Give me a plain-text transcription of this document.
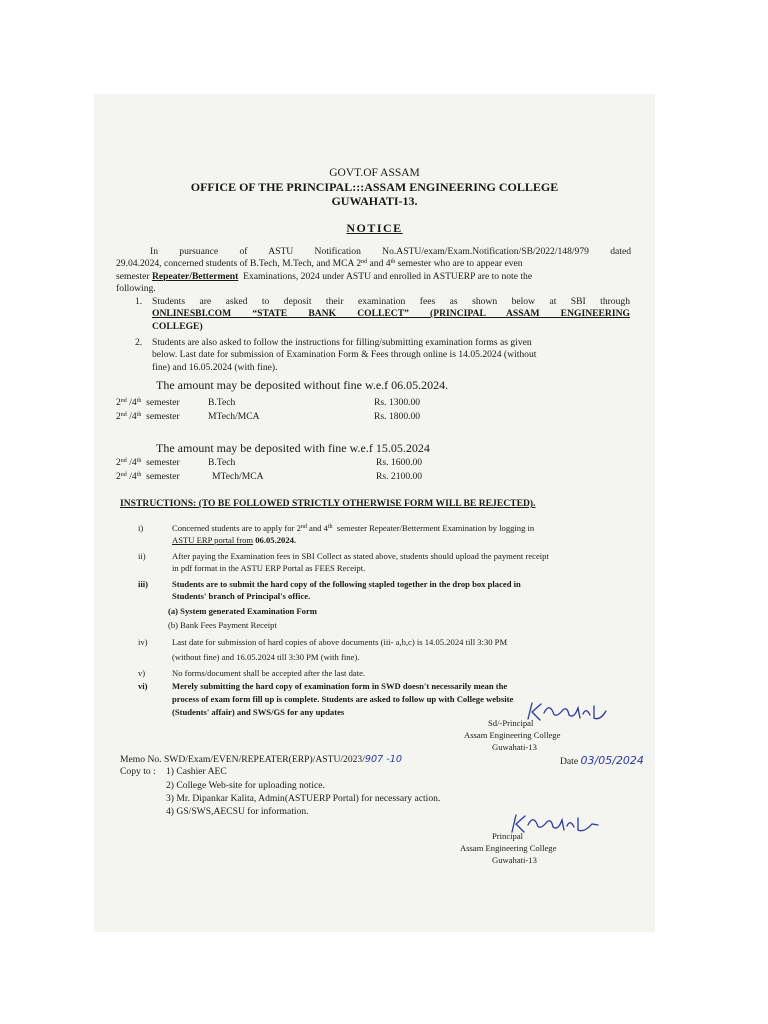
GOVT.OF ASSAM
OFFICE OF THE PRINCIPAL:::ASSAM ENGINEERING COLLEGE
GUWAHATI-13.
NOTICE
In pursuance of ASTU Notification No.ASTU/exam/Exam.Notification/SB/2022/148/979 dated
29.04.2024, concerned students of B.Tech, M.Tech, and MCA 2nd and 4th semester who are to appear even
semester Repeater/Betterment Examinations, 2024 under ASTU and enrolled in ASTUERP are to note the
following.
1. Students are asked to deposit their examination fees as shown below at SBI through
ONLINESBI.COM “STATE BANK COLLECT” (PRINCIPAL ASSAM ENGINEERING
COLLEGE)
2. Students are also asked to follow the instructions for filling/submitting examination forms as given
below. Last date for submission of Examination Form & Fees through online is 14.05.2024 (without
fine) and 16.05.2024 (with fine).
The amount may be deposited without fine w.e.f 06.05.2024.
2nd /4th semester	B.Tech	Rs. 1300.00
2nd /4th semester	MTech/MCA	Rs. 1800.00
The amount may be deposited with fine w.e.f 15.05.2024
2nd /4th semester	B.Tech	Rs. 1600.00
2nd /4th semester	MTech/MCA	Rs. 2100.00
INSTRUCTIONS: (TO BE FOLLOWED STRICTLY OTHERWISE FORM WILL BE REJECTED).
i)	Concerned students are to apply for 2nd and 4th  semester Repeater/Betterment Examination by logging in
ASTU ERP portal from 06.05.2024.
ii)	After paying the Examination fees in SBI Collect as stated above, students should upload the payment receipt
in pdf format in the ASTU ERP Portal as FEES Receipt.
iii)	Students are to submit the hard copy of the following stapled together in the drop box placed in
Students' branch of Principal's office.
(a) System generated Examination Form
(b) Bank Fees Payment Receipt
iv)	Last date for submission of hard copies of above documents (iii- a,b,c) is 14.05.2024 till 3:30 PM
(without fine) and 16.05.2024 till 3:30 PM (with fine).
v)	No forms/document shall be accepted after the last date.
vi)	Merely submitting the hard copy of examination form in SWD doesn't necessarily mean the
process of exam form fill up is complete. Students are asked to follow up with College website
(Students' affair) and SWS/GS for any updates
Sd/-Principal
Assam Engineering College
Guwahati-13
Memo No. SWD/Exam/EVEN/REPEATER(ERP)/ASTU/2023/907 -10	Date 03/05/2024
Copy to : 1) Cashier AEC
2) College Web-site for uploading notice.
3) Mr. Dipankar Kalita, Admin(ASTUERP Portal) for necessary action.
4) GS/SWS,AECSU for information.
Principal
Assam Engineering College
Guwahati-13
